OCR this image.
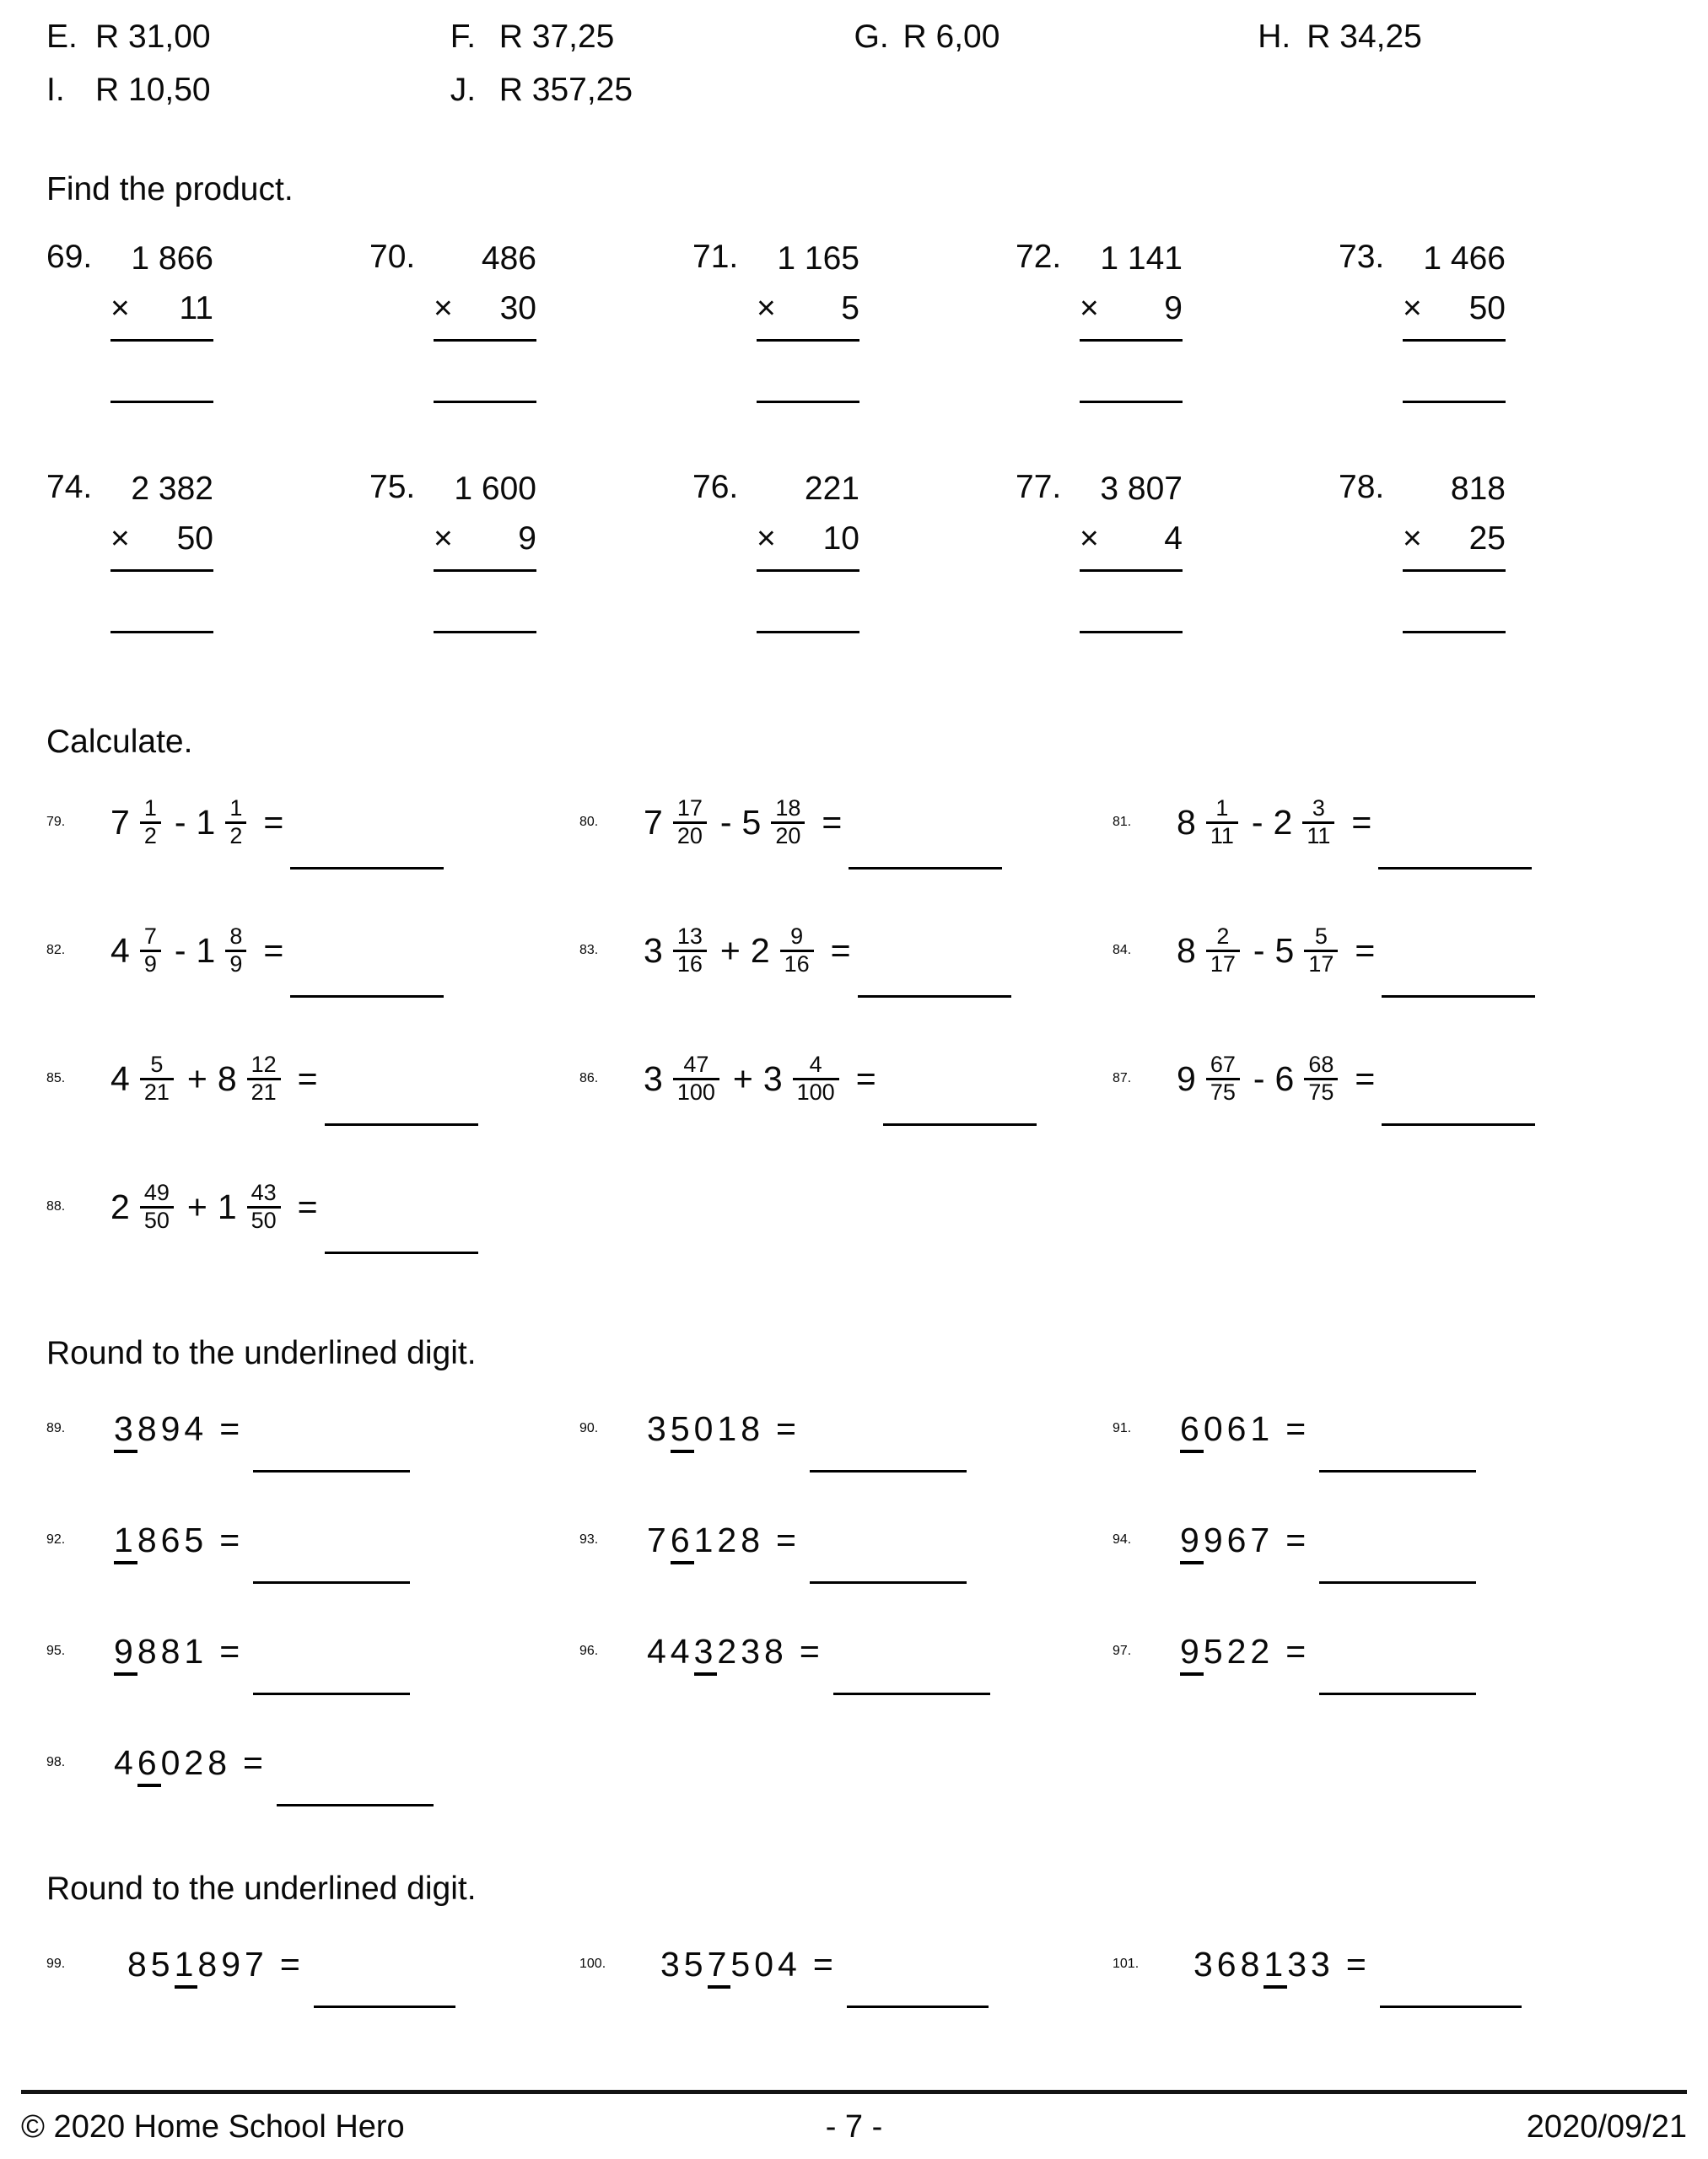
E. R 31,00	F. R 37,25	G. R 6,00	H. R 34,25
I. R 10,50	J. R 357,25
Find the product.
69.	1 866
× 11
70.	486
× 30
71.	1 165
× 5
72.	1 141
× 9
73.	1 466
× 50
74.	2 382
× 50
75.	1 600
× 9
76.	221
× 10
77.	3 807
× 4
78.	818
× 25
Calculate.
79.	$7 \frac{1}{2} - 1 \frac{1}{2}$ =	80.	$7 \frac{17}{20} - 5 \frac{18}{20}$ =	81.	$8 \frac{1}{11} - 2 \frac{3}{11}$ =
82.	$4 \frac{7}{9} - 1 \frac{8}{9}$ =	83.	$3 \frac{13}{16} + 2 \frac{9}{16}$ =	84.	$8 \frac{2}{17} - 5 \frac{5}{17}$ =
85.	$4 \frac{5}{21} + 8 \frac{12}{21}$ =	86.	$3 \frac{47}{100} + 3 \frac{4}{100}$ =	87.	$9 \frac{67}{75} - 6 \frac{68}{75}$ =
88.	$2 \frac{49}{50} + 1 \frac{43}{50}$ =
Round to the underlined digit.
89.	3894 =	90.	35018 =	91.	6061 =
92.	1865 =	93.	76128 =	94.	9967 =
95.	9881 =	96.	443238 =	97.	9522 =
98.	46028 =
Round to the underlined digit.
99.	851897 =	100.	357504 =	101.	368133 =
© 2020 Home School Hero	- 7 -	2020/09/21
